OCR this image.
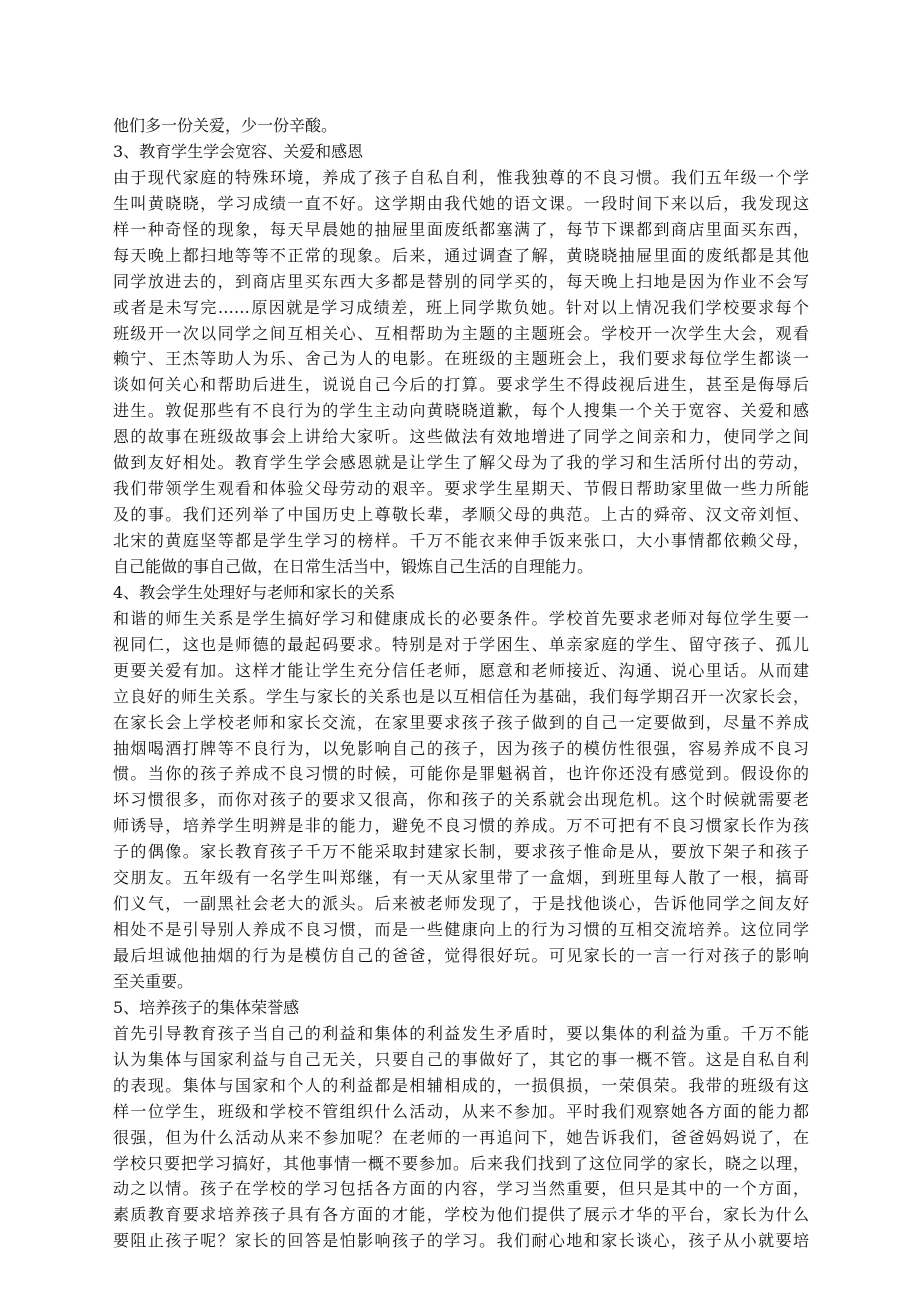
他们多一份关爱，少一份辛酸。
3、教育学生学会宽容、关爱和感恩
由于现代家庭的特殊环境，养成了孩子自私自利，惟我独尊的不良习惯。我们五年级一个学
生叫黄晓晓，学习成绩一直不好。这学期由我代她的语文课。一段时间下来以后，我发现这
样一种奇怪的现象，每天早晨她的抽屉里面废纸都塞满了，每节下课都到商店里面买东西，
每天晚上都扫地等等不正常的现象。后来，通过调查了解，黄晓晓抽屉里面的废纸都是其他
同学放进去的，到商店里买东西大多都是替别的同学买的，每天晚上扫地是因为作业不会写
或者是未写完……原因就是学习成绩差，班上同学欺负她。针对以上情况我们学校要求每个
班级开一次以同学之间互相关心、互相帮助为主题的主题班会。学校开一次学生大会，观看
赖宁、王杰等助人为乐、舍己为人的电影。在班级的主题班会上，我们要求每位学生都谈一
谈如何关心和帮助后进生，说说自己今后的打算。要求学生不得歧视后进生，甚至是侮辱后
进生。敦促那些有不良行为的学生主动向黄晓晓道歉，每个人搜集一个关于宽容、关爱和感
恩的故事在班级故事会上讲给大家听。这些做法有效地增进了同学之间亲和力，使同学之间
做到友好相处。教育学生学会感恩就是让学生了解父母为了我的学习和生活所付出的劳动，
我们带领学生观看和体验父母劳动的艰辛。要求学生星期天、节假日帮助家里做一些力所能
及的事。我们还列举了中国历史上尊敬长辈，孝顺父母的典范。上古的舜帝、汉文帝刘恒、
北宋的黄庭坚等都是学生学习的榜样。千万不能衣来伸手饭来张口，大小事情都依赖父母，
自己能做的事自己做，在日常生活当中，锻炼自己生活的自理能力。
4、教会学生处理好与老师和家长的关系
和谐的师生关系是学生搞好学习和健康成长的必要条件。学校首先要求老师对每位学生要一
视同仁，这也是师德的最起码要求。特别是对于学困生、单亲家庭的学生、留守孩子、孤儿
更要关爱有加。这样才能让学生充分信任老师，愿意和老师接近、沟通、说心里话。从而建
立良好的师生关系。学生与家长的关系也是以互相信任为基础，我们每学期召开一次家长会，
在家长会上学校老师和家长交流，在家里要求孩子孩子做到的自己一定要做到，尽量不养成
抽烟喝酒打牌等不良行为，以免影响自己的孩子，因为孩子的模仿性很强，容易养成不良习
惯。当你的孩子养成不良习惯的时候，可能你是罪魁祸首，也许你还没有感觉到。假设你的
坏习惯很多，而你对孩子的要求又很高，你和孩子的关系就会出现危机。这个时候就需要老
师诱导，培养学生明辨是非的能力，避免不良习惯的养成。万不可把有不良习惯家长作为孩
子的偶像。家长教育孩子千万不能采取封建家长制，要求孩子惟命是从，要放下架子和孩子
交朋友。五年级有一名学生叫郑继，有一天从家里带了一盒烟，到班里每人散了一根，搞哥
们义气，一副黑社会老大的派头。后来被老师发现了，于是找他谈心，告诉他同学之间友好
相处不是引导别人养成不良习惯，而是一些健康向上的行为习惯的互相交流培养。这位同学
最后坦诚他抽烟的行为是模仿自己的爸爸，觉得很好玩。可见家长的一言一行对孩子的影响
至关重要。
5、培养孩子的集体荣誉感
首先引导教育孩子当自己的利益和集体的利益发生矛盾时，要以集体的利益为重。千万不能
认为集体与国家利益与自己无关，只要自己的事做好了，其它的事一概不管。这是自私自利
的表现。集体与国家和个人的利益都是相辅相成的，一损俱损，一荣俱荣。我带的班级有这
样一位学生，班级和学校不管组织什么活动，从来不参加。平时我们观察她各方面的能力都
很强，但为什么活动从来不参加呢？在老师的一再追问下，她告诉我们，爸爸妈妈说了，在
学校只要把学习搞好，其他事情一概不要参加。后来我们找到了这位同学的家长，晓之以理，
动之以情。孩子在学校的学习包括各方面的内容，学习当然重要，但只是其中的一个方面，
素质教育要求培养孩子具有各方面的才能，学校为他们提供了展示才华的平台，家长为什么
要阻止孩子呢？家长的回答是怕影响孩子的学习。我们耐心地和家长谈心，孩子从小就要培
